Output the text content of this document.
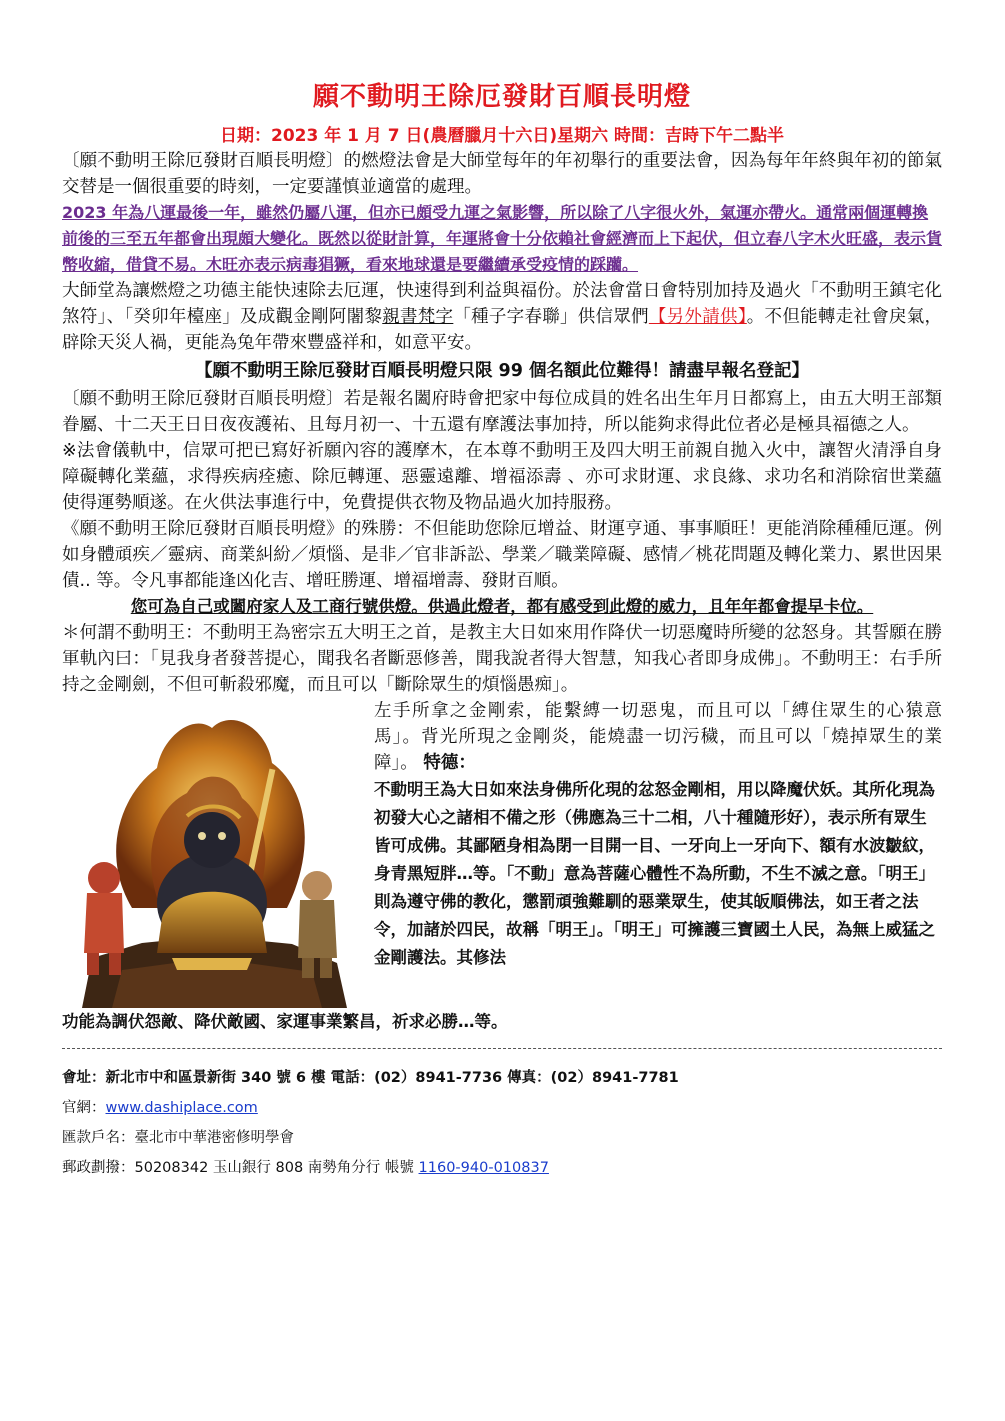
願不動明王除厄發財百順長明燈
日期：2023 年 1 月 7 日(農曆臘月十六日)星期六 時間：吉時下午二點半

〔願不動明王除厄發財百順長明燈〕的燃燈法會是大師堂每年的年初舉行的重要法會，因為每年年終與年初的節氣交替是一個很重要的時刻，一定要謹慎並適當的處理。

2023 年為八運最後一年，雖然仍屬八運，但亦已頗受九運之氣影響，所以除了八字很火外，氣運亦帶火。通常兩個運轉換前後的三至五年都會出現頗大變化。既然以從財計算，年運將會十分依賴社會經濟而上下起伏，但立春八字木火旺盛，表示貨幣收縮，借貸不易。木旺亦表示病毒猖獗，看來地球還是要繼續承受疫情的踩躪。

大師堂為讓燃燈之功德主能快速除去厄運，快速得到利益與福份。於法會當日會特別加持及過火「不動明王鎮宅化煞符」、「癸卯年檯座」及成觀金剛阿闍黎親書梵字「種子字春聯」供信眾們【另外請供】。不但能轉走社會戾氣，辟除天災人禍，更能為兔年帶來豐盛祥和，如意平安。

【願不動明王除厄發財百順長明燈只限 99 個名額此位難得！請盡早報名登記】

〔願不動明王除厄發財百順長明燈〕若是報名闔府時會把家中每位成員的姓名出生年月日都寫上，由五大明王部類眷屬、十二天王日日夜夜護祐、且每月初一、十五還有摩護法事加持，所以能夠求得此位者必是極具福德之人。

※法會儀軌中，信眾可把已寫好祈願內容的護摩木，在本尊不動明王及四大明王前親自拋入火中，讓智火清淨自身障礙轉化業蘊，求得疾病痊癒、除厄轉運、惡靈遠離、增福添壽 、亦可求財運、求良緣、求功名和消除宿世業蘊使得運勢順遂。在火供法事進行中，免費提供衣物及物品過火加持服務。

《願不動明王除厄發財百順長明燈》的殊勝：不但能助您除厄增益、財運亨通、事事順旺！更能消除種種厄運。例如身體頑疾／靈病、商業糾紛／煩惱、是非／官非訴訟、學業／職業障礙、感情／桃花問題及轉化業力、累世因果債.. 等。令凡事都能逢凶化吉、增旺勝運、增福增壽、發財百順。

您可為自己或闔府家人及工商行號供燈。供過此燈者，都有感受到此燈的威力，且年年都會提早卡位。

＊何謂不動明王：不動明王為密宗五大明王之首，是教主大日如來用作降伏一切惡魔時所變的忿怒身。其誓願在勝軍軌內曰：「見我身者發菩提心，聞我名者斷惡修善，聞我說者得大智慧，知我心者即身成佛」。不動明王：右手所持之金剛劍，不但可斬殺邪魔，而且可以「斷除眾生的煩惱愚痴」。

左手所拿之金剛索，能繫縛一切惡鬼，而且可以「縛住眾生的心猿意馬」。背光所現之金剛炎，能燒盡一切污穢，而且可以「燒掉眾生的業障」。 特德：

不動明王為大日如來法身佛所化現的忿怒金剛相，用以降魔伏妖。其所化現為初發大心之諸相不備之形（佛應為三十二相，八十種隨形好），表示所有眾生皆可成佛。其鄙陋身相為閉一目開一目、一牙向上一牙向下、額有水波皺紋，身青黑短胖…等。「不動」意為菩薩心體性不為所動，不生不滅之意。「明王」則為遵守佛的教化，懲罰頑強難馴的惡業眾生，使其皈順佛法，如王者之法令，加諸於四民，故稱「明王」。「明王」可擁護三寶國土人民，為無上威猛之金剛護法。其修法

功能為調伏怨敵、降伏敵國、家運事業繁昌，祈求必勝…等。

會址：新北市中和區景新街 340 號 6 樓 電話：(02）8941-7736 傳真：(02）8941-7781
官網：www.dashiplace.com
匯款戶名：臺北市中華港密修明學會
郵政劃撥：50208342 玉山銀行 808 南勢角分行 帳號 1160-940-010837
